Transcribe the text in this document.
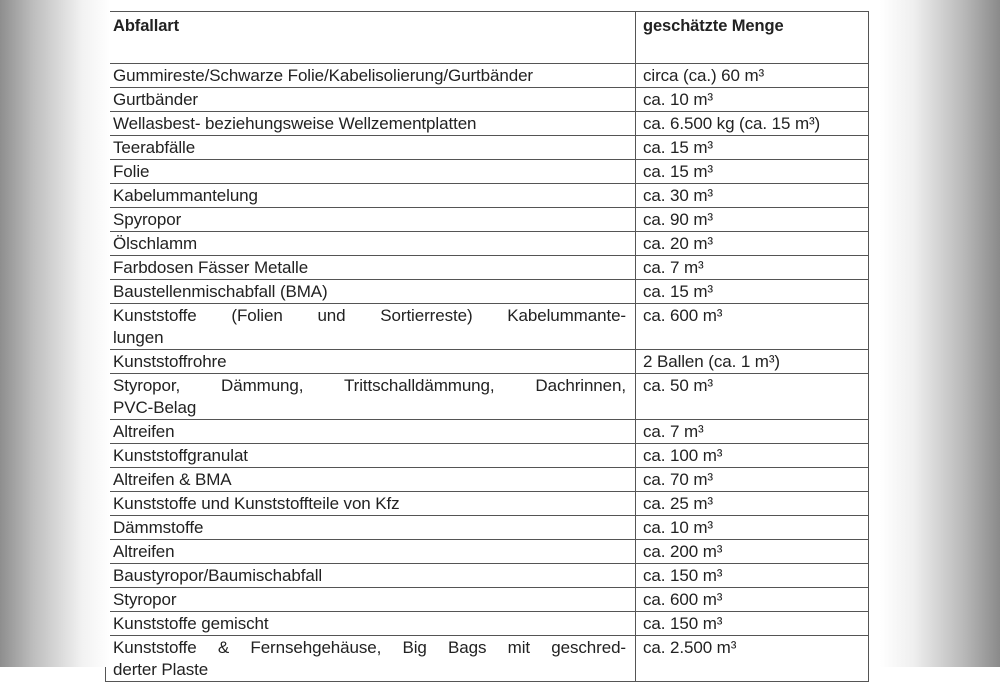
Abfallart	geschätzte Menge
Gummireste/Schwarze Folie/Kabelisolierung/Gurtbänder	circa (ca.) 60 m³
Gurtbänder	ca. 10 m³
Wellasbest- beziehungsweise Wellzementplatten	ca. 6.500 kg (ca. 15 m³)
Teerabfälle	ca. 15 m³
Folie	ca. 15 m³
Kabelummantelung	ca. 30 m³
Spyropor	ca. 90 m³
Ölschlamm	ca. 20 m³
Farbdosen Fässer Metalle	ca. 7 m³
Baustellenmischabfall (BMA)	ca. 15 m³

Kunststoffe (Folien und Sortierreste) Kabelummante-
lungen	ca. 600 m³
Kunststoffrohre	2 Ballen (ca. 1 m³)

Styropor, Dämmung, Trittschalldämmung, Dachrinnen,
PVC-Belag	ca. 50 m³
Altreifen	ca. 7 m³
Kunststoffgranulat	ca. 100 m³
Altreifen & BMA	ca. 70 m³
Kunststoffe und Kunststoffteile von Kfz	ca. 25 m³
Dämmstoffe	ca. 10 m³
Altreifen	ca. 200 m³
Baustyropor/Baumischabfall	ca. 150 m³
Styropor	ca. 600 m³
Kunststoffe gemischt	ca. 150 m³

Kunststoffe & Fernsehgehäuse, Big Bags mit geschred-
derter Plaste	ca. 2.500 m³
